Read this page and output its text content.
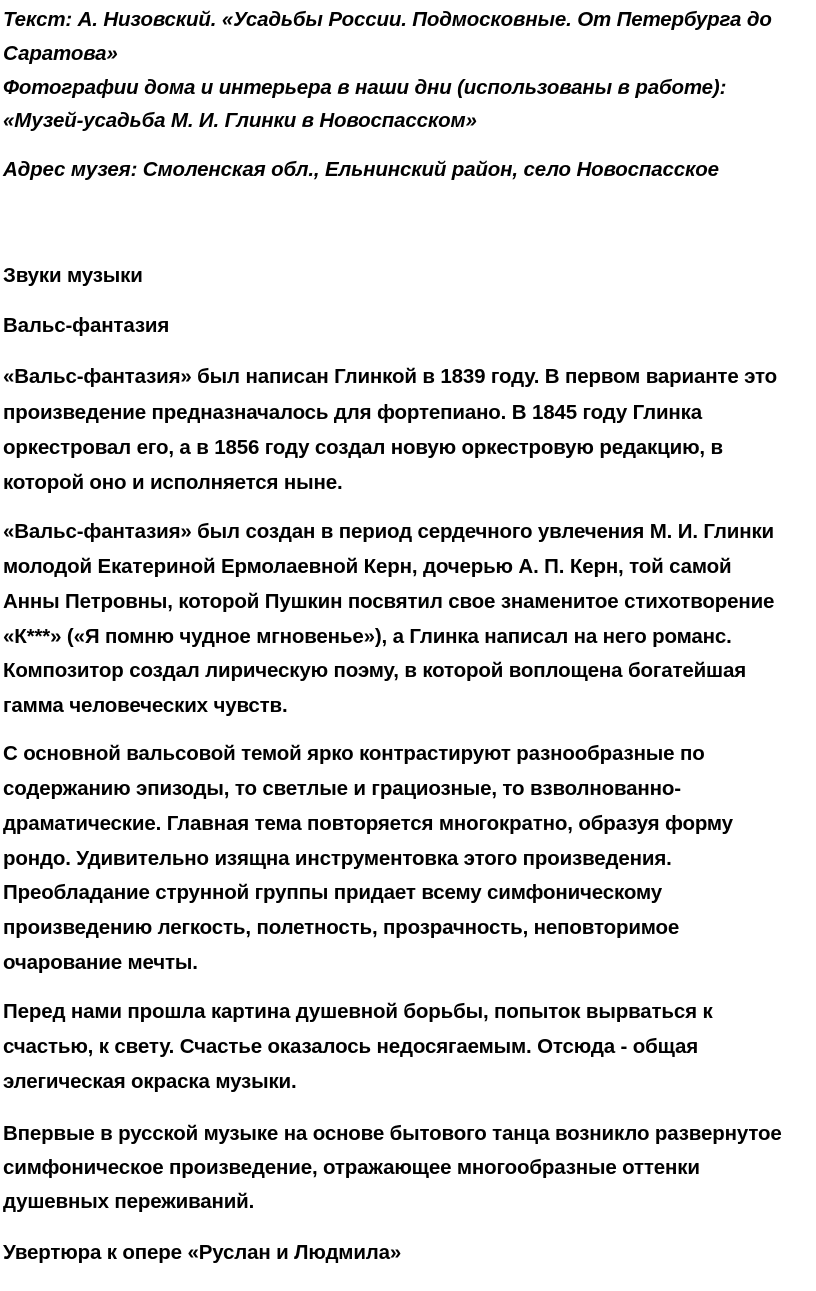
Текст: А. Низовский. «Усадьбы России. Подмосковные. От Петербурга до
Саратова»
Фотографии дома и интерьера в наши дни (использованы в работе):
«Музей-усадьба М. И. Глинки в Новоспасском»
Адрес музея: Смоленская обл., Ельнинский район, село Новоспасское
Звуки музыки
Вальс-фантазия
«Вальс-фантазия» был написан Глинкой в 1839 году. В первом варианте это
произведение предназначалось для фортепиано. В 1845 году Глинка
оркестровал его, а в 1856 году создал новую оркестровую редакцию, в
которой оно и исполняется ныне.
«Вальс-фантазия» был создан в период сердечного увлечения М. И. Глинки
молодой Екатериной Ермолаевной Керн, дочерью А. П. Керн, той самой
Анны Петровны, которой Пушкин посвятил свое знаменитое стихотворение
«К***» («Я помню чудное мгновенье»), а Глинка написал на него романс.
Композитор создал лирическую поэму, в которой воплощена богатейшая
гамма человеческих чувств.
С основной вальсовой темой ярко контрастируют разнообразные по
содержанию эпизоды, то светлые и грациозные, то взволнованно-
драматические. Главная тема повторяется многократно, образуя форму
рондо. Удивительно изящна инструментовка этого произведения.
Преобладание струнной группы придает всему симфоническому
произведению легкость, полетность, прозрачность, неповторимое
очарование мечты.
Перед нами прошла картина душевной борьбы, попыток вырваться к
счастью, к свету. Счастье оказалось недосягаемым. Отсюда - общая
элегическая окраска музыки.
Впервые в русской музыке на основе бытового танца возникло развернутое
симфоническое произведение, отражающее многообразные оттенки
душевных переживаний.
Увертюра к опере «Руслан и Людмила»
